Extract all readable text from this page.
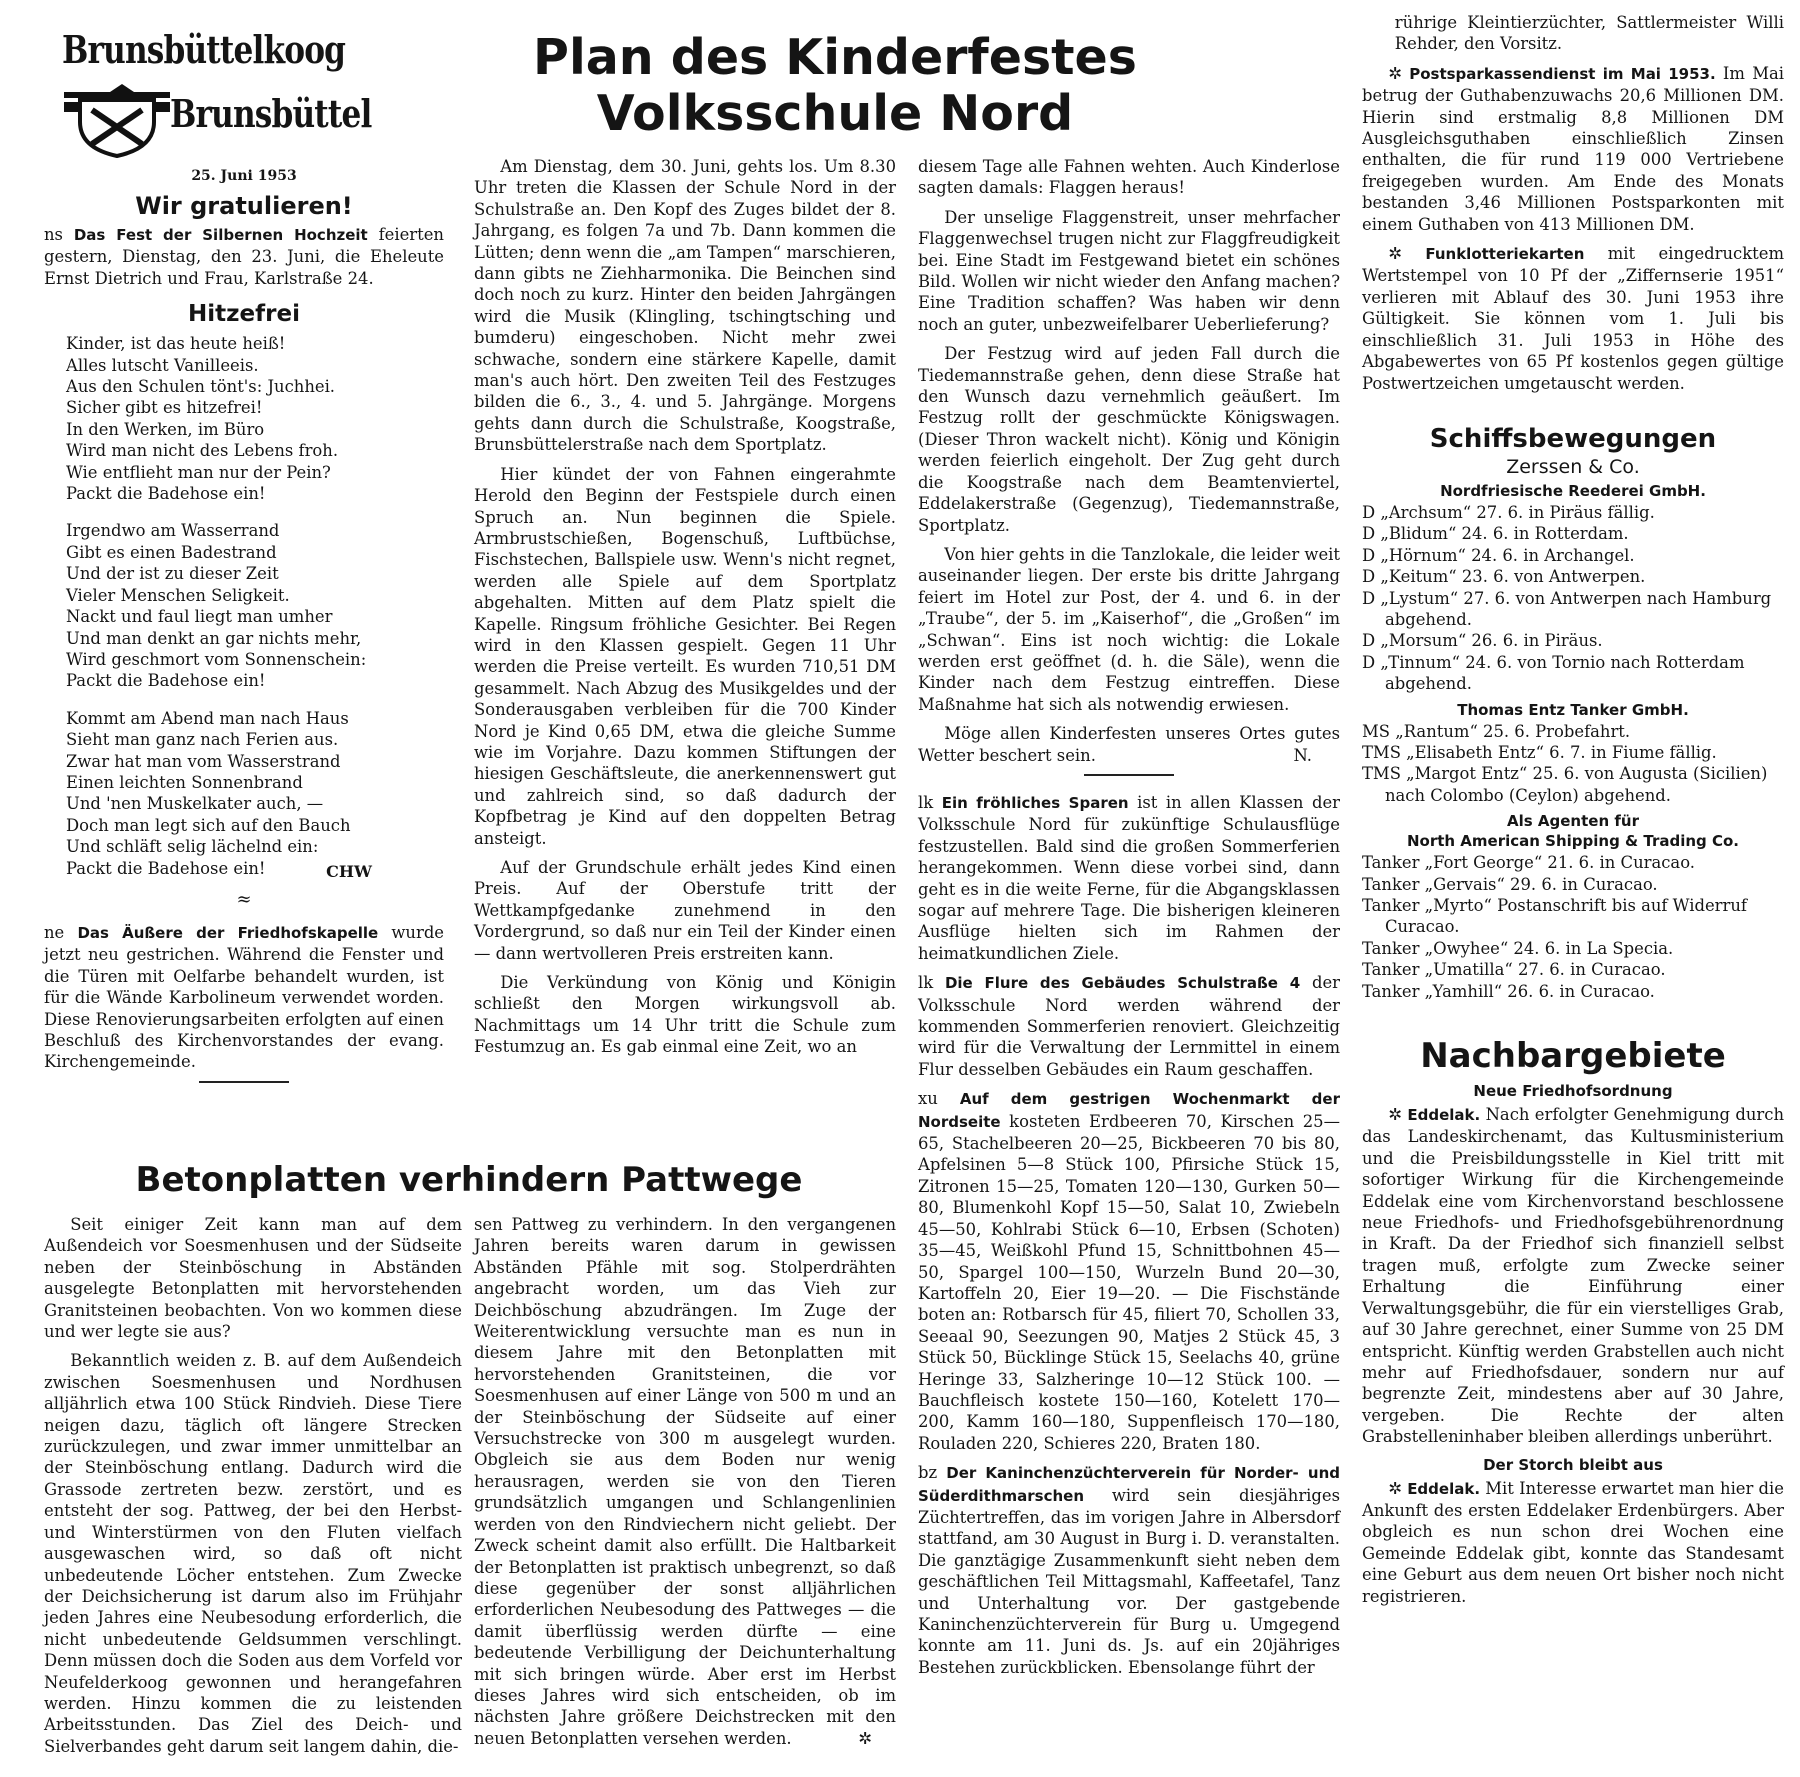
Brunsbüttelkoog
Brunsbüttel
Plan des Kinderfestes
Volksschule Nord
25. Juni 1953
Wir gratulieren!

ns Das Fest der Silbernen Hochzeit feierten gestern, Dienstag, den 23. Juni, die Eheleute Ernst Dietrich und Frau, Karlstraße 24.

Hitzefrei

Kinder, ist das heute heiß!
Alles lutscht Vanilleeis.
Aus den Schulen tönt's: Juchhei.
Sicher gibt es hitzefrei!
In den Werken, im Büro
Wird man nicht des Lebens froh.
Wie entflieht man nur der Pein?
Packt die Badehose ein!

Irgendwo am Wasserrand
Gibt es einen Badestrand
Und der ist zu dieser Zeit
Vieler Menschen Seligkeit.
Nackt und faul liegt man umher
Und man denkt an gar nichts mehr,
Wird geschmort vom Sonnenschein:
Packt die Badehose ein!

Kommt am Abend man nach Haus
Sieht man ganz nach Ferien aus.
Zwar hat man vom Wasserstrand
Einen leichten Sonnenbrand
Und 'nen Muskelkater auch, —
Doch man legt sich auf den Bauch
Und schläft selig lächelnd ein:
Packt die Badehose ein!	CHW
≈

ne Das Äußere der Friedhofskapelle wurde jetzt neu gestrichen. Während die Fenster und die Türen mit Oelfarbe behandelt wurden, ist für die Wände Karbolineum verwendet worden. Diese Renovierungsarbeiten erfolgten auf einen Beschluß des Kirchenvorstandes der evang. Kirchengemeinde.

Am Dienstag, dem 30. Juni, gehts los. Um 8.30 Uhr treten die Klassen der Schule Nord in der Schulstraße an. Den Kopf des Zuges bildet der 8. Jahrgang, es folgen 7a und 7b. Dann kommen die Lütten; denn wenn die „am Tampen“ marschieren, dann gibts ne Ziehharmonika. Die Beinchen sind doch noch zu kurz. Hinter den beiden Jahrgängen wird die Musik (Klingling, tschingtsching und bumderu) eingeschoben. Nicht mehr zwei schwache, sondern eine stärkere Kapelle, damit man's auch hört. Den zweiten Teil des Festzuges bilden die 6., 3., 4. und 5. Jahrgänge. Morgens gehts dann durch die Schulstraße, Koogstraße, Brunsbüttelerstraße nach dem Sportplatz.

Hier kündet der von Fahnen eingerahmte Herold den Beginn der Festspiele durch einen Spruch an. Nun beginnen die Spiele. Armbrustschießen, Bogenschuß, Luftbüchse, Fischstechen, Ballspiele usw. Wenn's nicht regnet, werden alle Spiele auf dem Sportplatz abgehalten. Mitten auf dem Platz spielt die Kapelle. Ringsum fröhliche Gesichter. Bei Regen wird in den Klassen gespielt. Gegen 11 Uhr werden die Preise verteilt. Es wurden 710,51 DM gesammelt. Nach Abzug des Musikgeldes und der Sonderausgaben verbleiben für die 700 Kinder Nord je Kind 0,65 DM, etwa die gleiche Summe wie im Vorjahre. Dazu kommen Stiftungen der hiesigen Geschäftsleute, die anerkennenswert gut und zahlreich sind, so daß dadurch der Kopfbetrag je Kind auf den doppelten Betrag ansteigt.

Auf der Grundschule erhält jedes Kind einen Preis. Auf der Oberstufe tritt der Wettkampfgedanke zunehmend in den Vordergrund, so daß nur ein Teil der Kinder einen — dann wertvolleren Preis erstreiten kann.

Die Verkündung von König und Königin schließt den Morgen wirkungsvoll ab. Nachmittags um 14 Uhr tritt die Schule zum Festumzug an. Es gab einmal eine Zeit, wo an

diesem Tage alle Fahnen wehten. Auch Kinderlose sagten damals: Flaggen heraus!

Der unselige Flaggenstreit, unser mehrfacher Flaggenwechsel trugen nicht zur Flaggfreudigkeit bei. Eine Stadt im Festgewand bietet ein schönes Bild. Wollen wir nicht wieder den Anfang machen? Eine Tradition schaffen? Was haben wir denn noch an guter, unbezweifelbarer Ueberlieferung?

Der Festzug wird auf jeden Fall durch die Tiedemannstraße gehen, denn diese Straße hat den Wunsch dazu vernehmlich geäußert. Im Festzug rollt der geschmückte Königswagen. (Dieser Thron wackelt nicht). König und Königin werden feierlich eingeholt. Der Zug geht durch die Koogstraße nach dem Beamtenviertel, Eddelakerstraße (Gegenzug), Tiedemannstraße, Sportplatz.

Von hier gehts in die Tanzlokale, die leider weit auseinander liegen. Der erste bis dritte Jahrgang feiert im Hotel zur Post, der 4. und 6. in der „Traube“, der 5. im „Kaiserhof“, die „Großen“ im „Schwan“. Eins ist noch wichtig: die Lokale werden erst geöffnet (d. h. die Säle), wenn die Kinder nach dem Festzug eintreffen. Diese Maßnahme hat sich als notwendig erwiesen.

Möge allen Kinderfesten unseres Ortes gutes Wetter beschert sein.	N.

lk Ein fröhliches Sparen ist in allen Klassen der Volksschule Nord für zukünftige Schulausflüge festzustellen. Bald sind die großen Sommerferien herangekommen. Wenn diese vorbei sind, dann geht es in die weite Ferne, für die Abgangsklassen sogar auf mehrere Tage. Die bisherigen kleineren Ausflüge hielten sich im Rahmen der heimatkundlichen Ziele.

lk Die Flure des Gebäudes Schulstraße 4 der Volksschule Nord werden während der kommenden Sommerferien renoviert. Gleichzeitig wird für die Verwaltung der Lernmittel in einem Flur desselben Gebäudes ein Raum geschaffen.

xu Auf dem gestrigen Wochenmarkt der Nordseite kosteten Erdbeeren 70, Kirschen 25—65, Stachelbeeren 20—25, Bickbeeren 70 bis 80, Apfelsinen 5—8 Stück 100, Pfirsiche Stück 15, Zitronen 15—25, Tomaten 120—130, Gurken 50—80, Blumenkohl Kopf 15—50, Salat 10, Zwiebeln 45—50, Kohlrabi Stück 6—10, Erbsen (Schoten) 35—45, Weißkohl Pfund 15, Schnittbohnen 45—50, Spargel 100—150, Wurzeln Bund 20—30, Kartoffeln 20, Eier 19—20. — Die Fischstände boten an: Rotbarsch für 45, filiert 70, Schollen 33, Seeaal 90, Seezungen 90, Matjes 2 Stück 45, 3 Stück 50, Bücklinge Stück 15, Seelachs 40, grüne Heringe 33, Salzheringe 10—12 Stück 100. — Bauchfleisch kostete 150—160, Kotelett 170—200, Kamm 160—180, Suppenfleisch 170—180, Rouladen 220, Schieres 220, Braten 180.

bz Der Kaninchenzüchterverein für Norder- und Süderdithmarschen wird sein diesjähriges Züchtertreffen, das im vorigen Jahre in Albersdorf stattfand, am 30 August in Burg i. D. veranstalten. Die ganztägige Zusammenkunft sieht neben dem geschäftlichen Teil Mittagsmahl, Kaffeetafel, Tanz und Unterhaltung vor. Der gastgebende Kaninchenzüchterverein für Burg u. Umgegend konnte am 11. Juni ds. Js. auf ein 20jähriges Bestehen zurückblicken. Ebensolange führt der

Betonplatten verhindern Pattwege

Seit einiger Zeit kann man auf dem Außendeich vor Soesmenhusen und der Südseite neben der Steinböschung in Abständen ausgelegte Betonplatten mit hervorstehenden Granitsteinen beobachten. Von wo kommen diese und wer legte sie aus?

Bekanntlich weiden z. B. auf dem Außendeich zwischen Soesmenhusen und Nordhusen alljährlich etwa 100 Stück Rindvieh. Diese Tiere neigen dazu, täglich oft längere Strecken zurückzulegen, und zwar immer unmittelbar an der Steinböschung entlang. Dadurch wird die Grassode zertreten bezw. zerstört, und es entsteht der sog. Pattweg, der bei den Herbst- und Winterstürmen von den Fluten vielfach ausgewaschen wird, so daß oft nicht unbedeutende Löcher entstehen. Zum Zwecke der Deichsicherung ist darum also im Frühjahr jeden Jahres eine Neubesodung erforderlich, die nicht unbedeutende Geldsummen verschlingt. Denn müssen doch die Soden aus dem Vorfeld vor Neufelderkoog gewonnen und herangefahren werden. Hinzu kommen die zu leistenden Arbeitsstunden. Das Ziel des Deich- und Sielverbandes geht darum seit langem dahin, die-

sen Pattweg zu verhindern. In den vergangenen Jahren bereits waren darum in gewissen Abständen Pfähle mit sog. Stolperdrähten angebracht worden, um das Vieh zur Deichböschung abzudrängen. Im Zuge der Weiterentwicklung versuchte man es nun in diesem Jahre mit den Betonplatten mit hervorstehenden Granitsteinen, die vor Soesmenhusen auf einer Länge von 500 m und an der Steinböschung der Südseite auf einer Versuchstrecke von 300 m ausgelegt wurden. Obgleich sie aus dem Boden nur wenig herausragen, werden sie von den Tieren grundsätzlich umgangen und Schlangenlinien werden von den Rindviechern nicht geliebt. Der Zweck scheint damit also erfüllt. Die Haltbarkeit der Betonplatten ist praktisch unbegrenzt, so daß diese gegenüber der sonst alljährlichen erforderlichen Neubesodung des Pattweges — die damit überflüssig werden dürfte — eine bedeutende Verbilligung der Deichunterhaltung mit sich bringen würde. Aber erst im Herbst dieses Jahres wird sich entscheiden, ob im nächsten Jahre größere Deichstrecken mit den neuen Betonplatten versehen werden.	✲

rührige Kleintierzüchter, Sattlermeister Willi Rehder, den Vorsitz.

✲ Postsparkassendienst im Mai 1953. Im Mai betrug der Guthabenzuwachs 20,6 Millionen DM. Hierin sind erstmalig 8,8 Millionen DM Ausgleichsguthaben einschließlich Zinsen enthalten, die für rund 119 000 Vertriebene freigegeben wurden. Am Ende des Monats bestanden 3,46 Millionen Postsparkonten mit einem Guthaben von 413 Millionen DM.

✲ Funklotteriekarten mit eingedrucktem Wertstempel von 10 Pf der „Ziffernserie 1951“ verlieren mit Ablauf des 30. Juni 1953 ihre Gültigkeit. Sie können vom 1. Juli bis einschließlich 31. Juli 1953 in Höhe des Abgabewertes von 65 Pf kostenlos gegen gültige Postwertzeichen umgetauscht werden.

Schiffsbewegungen
Zerssen & Co.
Nordfriesische Reederei GmbH.
D „Archsum“ 27. 6. in Piräus fällig.
D „Blidum“ 24. 6. in Rotterdam.
D „Hörnum“ 24. 6. in Archangel.
D „Keitum“ 23. 6. von Antwerpen.
D „Lystum“ 27. 6. von Antwerpen nach Hamburg abgehend.
D „Morsum“ 26. 6. in Piräus.
D „Tinnum“ 24. 6. von Tornio nach Rotterdam abgehend.
Thomas Entz Tanker GmbH.
MS „Rantum“ 25. 6. Probefahrt.
TMS „Elisabeth Entz“ 6. 7. in Fiume fällig.
TMS „Margot Entz“ 25. 6. von Augusta (Sicilien) nach Colombo (Ceylon) abgehend.
Als Agenten für
North American Shipping & Trading Co.
Tanker „Fort George“ 21. 6. in Curacao.
Tanker „Gervais“ 29. 6. in Curacao.
Tanker „Myrto“ Postanschrift bis auf Widerruf Curacao.
Tanker „Owyhee“ 24. 6. in La Specia.
Tanker „Umatilla“ 27. 6. in Curacao.
Tanker „Yamhill“ 26. 6. in Curacao.
Nachbargebiete
Neue Friedhofsordnung

✲ Eddelak. Nach erfolgter Genehmigung durch das Landeskirchenamt, das Kultusministerium und die Preisbildungsstelle in Kiel tritt mit sofortiger Wirkung für die Kirchengemeinde Eddelak eine vom Kirchenvorstand beschlossene neue Friedhofs- und Friedhofsgebührenordnung in Kraft. Da der Friedhof sich finanziell selbst tragen muß, erfolgte zum Zwecke seiner Erhaltung die Einführung einer Verwaltungsgebühr, die für ein vierstelliges Grab, auf 30 Jahre gerechnet, einer Summe von 25 DM entspricht. Künftig werden Grabstellen auch nicht mehr auf Friedhofsdauer, sondern nur auf begrenzte Zeit, mindestens aber auf 30 Jahre, vergeben. Die Rechte der alten Grabstelleninhaber bleiben allerdings unberührt.

Der Storch bleibt aus

✲ Eddelak. Mit Interesse erwartet man hier die Ankunft des ersten Eddelaker Erdenbürgers. Aber obgleich es nun schon drei Wochen eine Gemeinde Eddelak gibt, konnte das Standesamt eine Geburt aus dem neuen Ort bisher noch nicht registrieren.
